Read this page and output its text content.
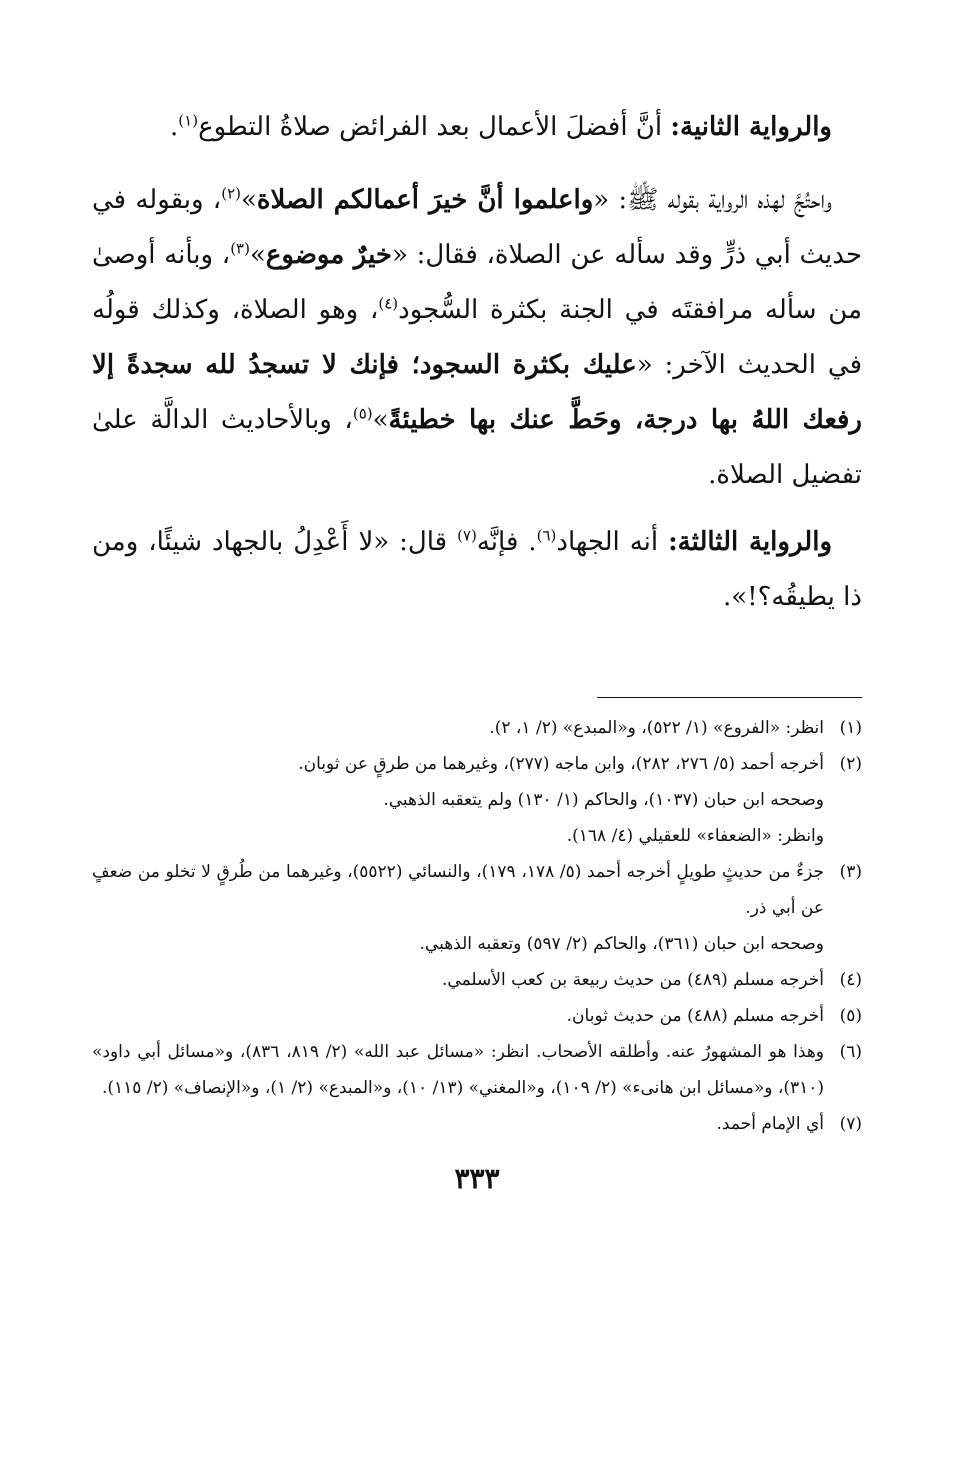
والرواية الثانية: أنَّ أفضلَ الأعمال بعد الفرائض صلاةُ التطوع$^{(١)}$.

واحتُجَّ لهذه الرواية بقوله ﷺ: «واعلموا أنَّ خيرَ أعمالكم الصلاة»$^{(٢)}$، وبقوله في حديث أبي ذرٍّ وقد سأله عن الصلاة، فقال: «خيرٌ موضوع»$^{(٣)}$، وبأنه أوصىٰ من سأله مرافقتَه في الجنة بكثرة السُّجود$^{(٤)}$، وهو الصلاة، وكذلك قولُه في الحديث الآخر: «عليك بكثرة السجود؛ فإنك لا تسجدُ لله سجدةً إلا رفعك اللهُ بها درجة، وحَطَّ عنك بها خطيئةً»$^{(٥)}$، وبالأحاديث الدالَّة علىٰ تفضيل الصلاة.

والرواية الثالثة: أنه الجهاد$^{(٦)}$. فإنَّه$^{(٧)}$ قال: «لا أَعْدِلُ بالجهاد شيئًا، ومن ذا يطيقُه؟!».

(١)
انظر: «الفروع» (١/ ٥٢٢)، و«المبدع» (٢/ ١، ٢).
(٢)
أخرجه أحمد (٥/ ٢٧٦، ٢٨٢)، وابن ماجه (٢٧٧)، وغيرهما من طرقٍ عن ثوبان.
وصححه ابن حبان (١٠٣٧)، والحاكم (١/ ١٣٠) ولم يتعقبه الذهبي.
وانظر: «الضعفاء» للعقيلي (٤/ ١٦٨).
(٣)
جزءٌ من حديثٍ طويلٍ أخرجه أحمد (٥/ ١٧٨، ١٧٩)، والنسائي (٥٥٢٢)، وغيرهما من طُرقٍ لا تخلو من ضعفٍ عن أبي ذر.
وصححه ابن حبان (٣٦١)، والحاكم (٢/ ٥٩٧) وتعقبه الذهبي.
(٤)
أخرجه مسلم (٤٨٩) من حديث ربيعة بن كعب الأسلمي.
(٥)
أخرجه مسلم (٤٨٨) من حديث ثوبان.
(٦)
وهذا هو المشهورُ عنه. وأطلقه الأصحاب. انظر: «مسائل عبد الله» (٢/ ٨١٩، ٨٣٦)، و«مسائل أبي داود» (٣١٠)، و«مسائل ابن هانىء» (٢/ ١٠٩)، و«المغني» (١٣/ ١٠)، و«المبدع» (٢/ ١)، و«الإنصاف» (٢/ ١١٥).
(٧)
أي الإمام أحمد.
٣٣٣
